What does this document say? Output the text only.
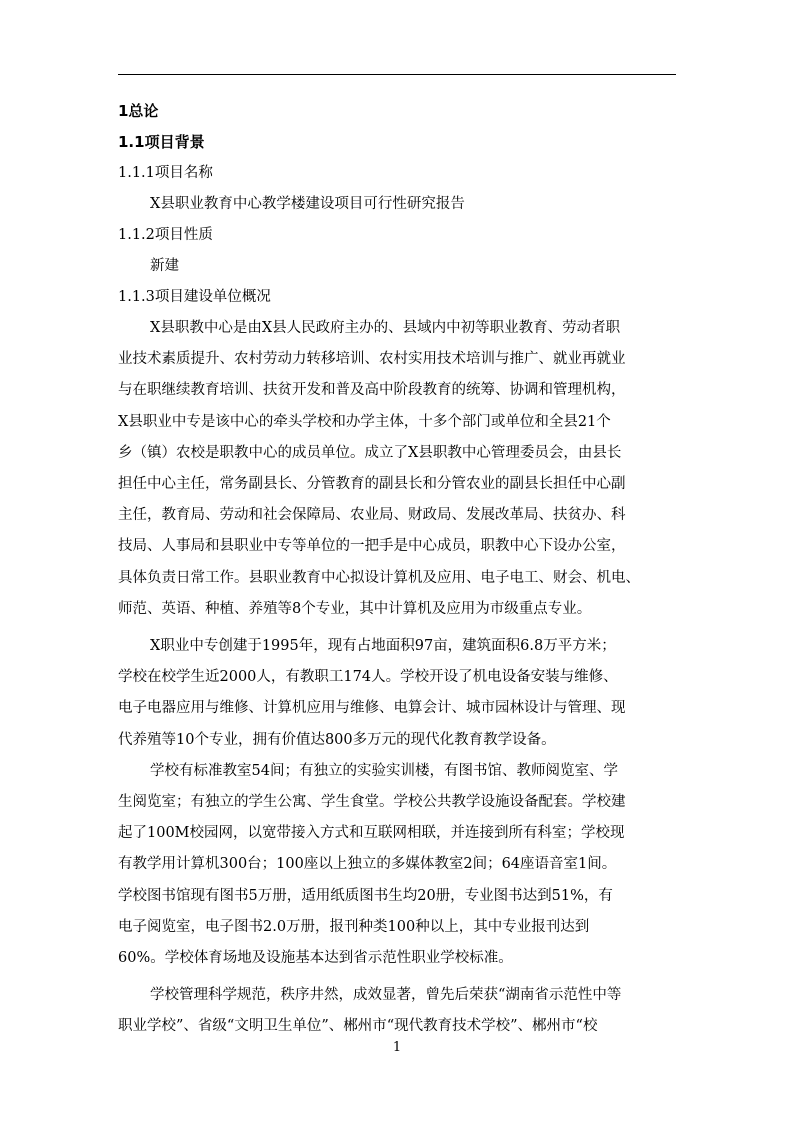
1总论
1.1项目背景
1.1.1项目名称
X县职业教育中心教学楼建设项目可行性研究报告
1.1.2项目性质
新建
1.1.3项目建设单位概况
X县职教中心是由X县人民政府主办的、县域内中初等职业教育、劳动者职
业技术素质提升、农村劳动力转移培训、农村实用技术培训与推广、就业再就业
与在职继续教育培训、扶贫开发和普及高中阶段教育的统筹、协调和管理机构，
X县职业中专是该中心的牵头学校和办学主体，十多个部门或单位和全县21个
乡（镇）农校是职教中心的成员单位。成立了X县职教中心管理委员会，由县长
担任中心主任，常务副县长、分管教育的副县长和分管农业的副县长担任中心副
主任，教育局、劳动和社会保障局、农业局、财政局、发展改革局、扶贫办、科
技局、人事局和县职业中专等单位的一把手是中心成员，职教中心下设办公室，
具体负责日常工作。县职业教育中心拟设计算机及应用、电子电工、财会、机电、
师范、英语、种植、养殖等8个专业，其中计算机及应用为市级重点专业。
X职业中专创建于1995年，现有占地面积97亩，建筑面积6.8万平方米；
学校在校学生近2000人，有教职工174人。学校开设了机电设备安装与维修、
电子电器应用与维修、计算机应用与维修、电算会计、城市园林设计与管理、现
代养殖等10个专业，拥有价值达800多万元的现代化教育教学设备。
学校有标准教室54间；有独立的实验实训楼，有图书馆、教师阅览室、学
生阅览室；有独立的学生公寓、学生食堂。学校公共教学设施设备配套。学校建
起了100M校园网，以宽带接入方式和互联网相联，并连接到所有科室；学校现
有教学用计算机300台；100座以上独立的多媒体教室2间；64座语音室1间。
学校图书馆现有图书5万册，适用纸质图书生均20册，专业图书达到51%，有
电子阅览室，电子图书2.0万册，报刊种类100种以上，其中专业报刊达到
60%。学校体育场地及设施基本达到省示范性职业学校标准。
学校管理科学规范，秩序井然，成效显著，曾先后荣获“湖南省示范性中等
职业学校”、省级“文明卫生单位”、郴州市“现代教育技术学校”、郴州市“校
1
